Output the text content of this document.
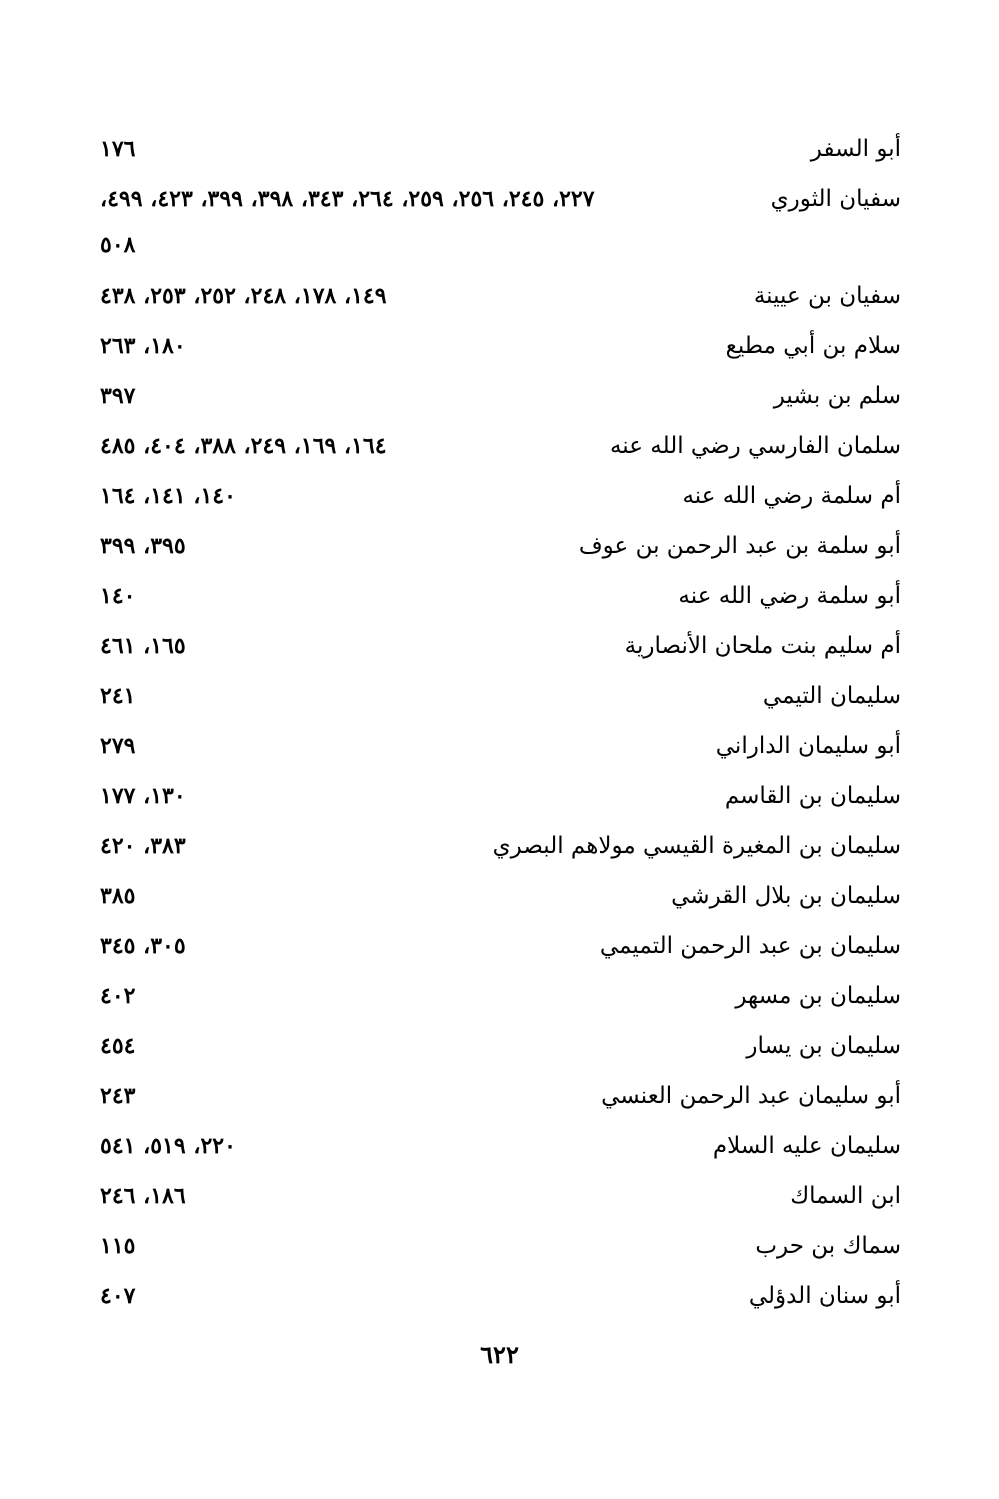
أبو السفر
١٧٦
سفيان الثوري
٢٢٧، ٢٤٥، ٢٥٦، ٢٥٩، ٢٦٤، ٣٤٣، ٣٩٨، ٣٩٩، ٤٢٣، ٤٩٩،
٥٠٨
سفيان بن عيينة
١٤٩، ١٧٨، ٢٤٨، ٢٥٢، ٢٥٣، ٤٣٨
سلام بن أبي مطيع
١٨٠، ٢٦٣
سلم بن بشير
٣٩٧
سلمان الفارسي رضي الله عنه
١٦٤، ١٦٩، ٢٤٩، ٣٨٨، ٤٠٤، ٤٨٥
أم سلمة رضي الله عنه
١٤٠، ١٤١، ١٦٤
أبو سلمة بن عبد الرحمن بن عوف
٣٩٥، ٣٩٩
أبو سلمة رضي الله عنه
١٤٠
أم سليم بنت ملحان الأنصارية
١٦٥، ٤٦١
سليمان التيمي
٢٤١
أبو سليمان الداراني
٢٧٩
سليمان بن القاسم
١٣٠، ١٧٧
سليمان بن المغيرة القيسي مولاهم البصري
٣٨٣، ٤٢٠
سليمان بن بلال القرشي
٣٨٥
سليمان بن عبد الرحمن التميمي
٣٠٥، ٣٤٥
سليمان بن مسهر
٤٠٢
سليمان بن يسار
٤٥٤
أبو سليمان عبد الرحمن العنسي
٢٤٣
سليمان عليه السلام
٢٢٠، ٥١٩، ٥٤١
ابن السماك
١٨٦، ٢٤٦
سماك بن حرب
١١٥
أبو سنان الدؤلي
٤٠٧
٦٢٢
